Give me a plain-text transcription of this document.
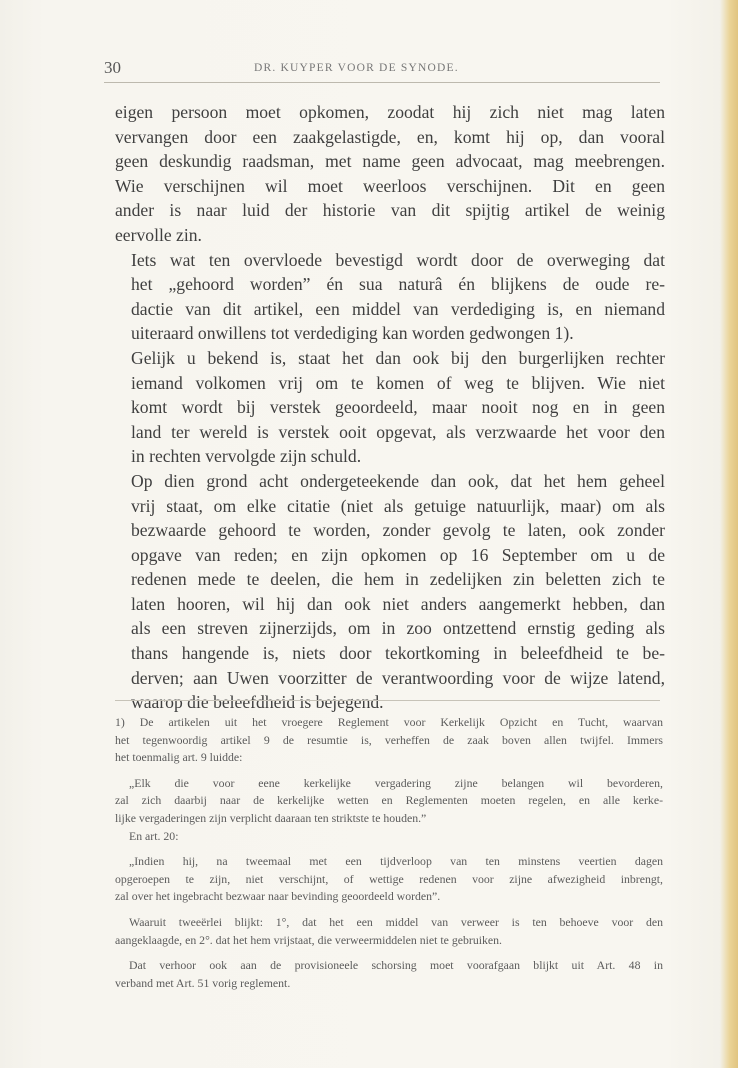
30	DR. KUYPER VOOR DE SYNODE.

eigen persoon moet opkomen, zoodat hij zich niet mag laten
vervangen door een zaakgelastigde, en, komt hij op, dan vooral
geen deskundig raadsman, met name geen advocaat, mag meebrengen.
Wie verschijnen wil moet weerloos verschijnen. Dit en geen
ander is naar luid der historie van dit spijtig artikel de weinig
eervolle zin.

Iets wat ten overvloede bevestigd wordt door de overweging dat
het „gehoord worden” én sua naturâ én blijkens de oude re-
dactie van dit artikel, een middel van verdediging is, en niemand
uiteraard onwillens tot verdediging kan worden gedwongen 1).

Gelijk u bekend is, staat het dan ook bij den burgerlijken rechter
iemand volkomen vrij om te komen of weg te blijven. Wie niet
komt wordt bij verstek geoordeeld, maar nooit nog en in geen
land ter wereld is verstek ooit opgevat, als verzwaarde het voor den
in rechten vervolgde zijn schuld.

Op dien grond acht ondergeteekende dan ook, dat het hem geheel
vrij staat, om elke citatie (niet als getuige natuurlijk, maar) om als
bezwaarde gehoord te worden, zonder gevolg te laten, ook zonder
opgave van reden; en zijn opkomen op 16 September om u de
redenen mede te deelen, die hem in zedelijken zin beletten zich te
laten hooren, wil hij dan ook niet anders aangemerkt hebben, dan
als een streven zijnerzijds, om in zoo ontzettend ernstig geding als
thans hangende is, niets door tekortkoming in beleefdheid te be-
derven; aan Uwen voorzitter de verantwoording voor de wijze latend,
waarop die beleefdheid is bejegend.

1) De artikelen uit het vroegere Reglement voor Kerkelijk Opzicht en Tucht, waarvan
het tegenwoordig artikel 9 de resumtie is, verheffen de zaak boven allen twijfel. Immers
het toenmalig art. 9 luidde:
„Elk die voor eene kerkelijke vergadering zijne belangen wil bevorderen,
zal zich daarbij naar de kerkelijke wetten en Reglementen moeten regelen, en alle kerke-
lijke vergaderingen zijn verplicht daaraan ten striktste te houden.”
En art. 20:
„Indien hij, na tweemaal met een tijdverloop van ten minstens veertien dagen
opgeroepen te zijn, niet verschijnt, of wettige redenen voor zijne afwezigheid inbrengt,
zal over het ingebracht bezwaar naar bevinding geoordeeld worden”.
Waaruit tweeërlei blijkt: 1°, dat het een middel van verweer is ten behoeve voor den
aangeklaagde, en 2°. dat het hem vrijstaat, die verweermiddelen niet te gebruiken.
Dat verhoor ook aan de provisioneele schorsing moet voorafgaan blijkt uit Art. 48 in
verband met Art. 51 vorig reglement.
